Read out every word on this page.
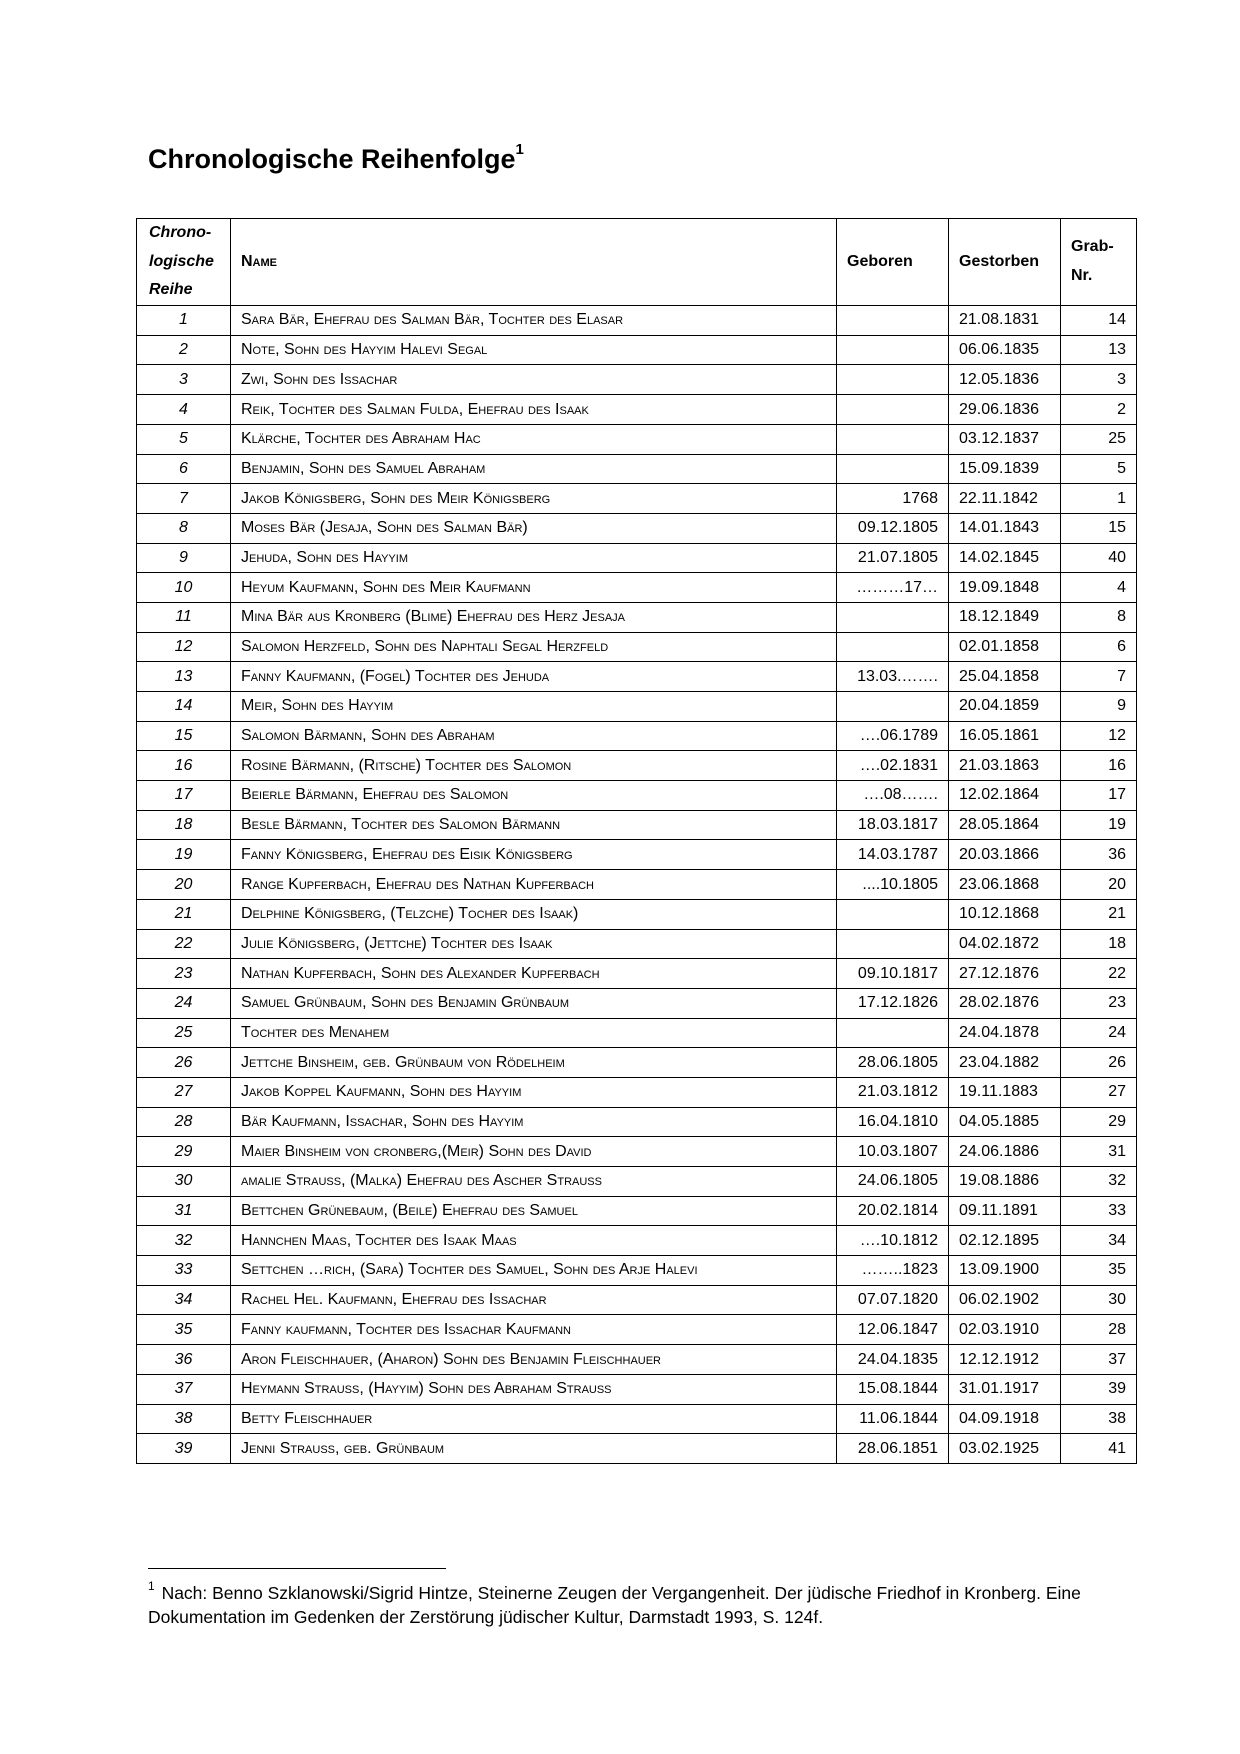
Chronologische Reihenfolge$^1$
Chrono-
logische
Reihe	Name	Geboren	Gestorben	Grab-
Nr.
1	Sara Bär, Ehefrau des Salman Bär, Tochter des Elasar		21.08.1831	14
2	Note, Sohn des Hayyim Halevi Segal		06.06.1835	13
3	Zwi, Sohn des Issachar		12.05.1836	3
4	Reik, Tochter des Salman Fulda, Ehefrau des Isaak		29.06.1836	2
5	Klärche, Tochter des Abraham Hac		03.12.1837	25
6	Benjamin, Sohn des Samuel Abraham		15.09.1839	5
7	Jakob Königsberg, Sohn des Meir Königsberg	1768	22.11.1842	1
8	Moses Bär (Jesaja, Sohn des Salman Bär)	09.12.1805	14.01.1843	15
9	Jehuda, Sohn des Hayyim	21.07.1805	14.02.1845	40
10	Heyum Kaufmann, Sohn des Meir Kaufmann	………17…	19.09.1848	4
11	Mina Bär aus Kronberg (Blime) Ehefrau des Herz Jesaja		18.12.1849	8
12	Salomon Herzfeld, Sohn des Naphtali Segal Herzfeld		02.01.1858	6
13	Fanny Kaufmann, (Fogel) Tochter des Jehuda	13.03.…….	25.04.1858	7
14	Meir, Sohn des Hayyim		20.04.1859	9
15	Salomon Bärmann, Sohn des Abraham	….06.1789	16.05.1861	12
16	Rosine Bärmann, (Ritsche) Tochter des Salomon	….02.1831	21.03.1863	16
17	Beierle Bärmann, Ehefrau des Salomon	….08…….	12.02.1864	17
18	Besle Bärmann, Tochter des Salomon Bärmann	18.03.1817	28.05.1864	19
19	Fanny Königsberg, Ehefrau des Eisik Königsberg	14.03.1787	20.03.1866	36
20	Range Kupferbach, Ehefrau des Nathan Kupferbach	....10.1805	23.06.1868	20
21	Delphine Königsberg, (Telzche) Tocher des Isaak)		10.12.1868	21
22	Julie Königsberg, (Jettche) Tochter des Isaak		04.02.1872	18
23	Nathan Kupferbach, Sohn des Alexander Kupferbach	09.10.1817	27.12.1876	22
24	Samuel Grünbaum, Sohn des Benjamin Grünbaum	17.12.1826	28.02.1876	23
25	Tochter des Menahem		24.04.1878	24
26	Jettche Binsheim, geb. Grünbaum von Rödelheim	28.06.1805	23.04.1882	26
27	Jakob Koppel Kaufmann, Sohn des Hayyim	21.03.1812	19.11.1883	27
28	Bär Kaufmann, Issachar, Sohn des Hayyim	16.04.1810	04.05.1885	29
29	Maier Binsheim von cronberg,(Meir) Sohn des David	10.03.1807	24.06.1886	31
30	amalie Strauss, (Malka) Ehefrau des Ascher Strauss	24.06.1805	19.08.1886	32
31	Bettchen Grünebaum, (Beile) Ehefrau des Samuel	20.02.1814	09.11.1891	33
32	Hannchen Maas, Tochter des Isaak Maas	….10.1812	02.12.1895	34
33	Settchen …rich, (Sara) Tochter des Samuel, Sohn des Arje Halevi	……..1823	13.09.1900	35
34	Rachel Hel. Kaufmann, Ehefrau des Issachar	07.07.1820	06.02.1902	30
35	Fanny kaufmann, Tochter des Issachar Kaufmann	12.06.1847	02.03.1910	28
36	Aron Fleischhauer, (Aharon) Sohn des Benjamin Fleischhauer	24.04.1835	12.12.1912	37
37	Heymann Strauss, (Hayyim) Sohn des Abraham Strauss	15.08.1844	31.01.1917	39
38	Betty Fleischhauer	11.06.1844	04.09.1918	38
39	Jenni Strauss, geb. Grünbaum	28.06.1851	03.02.1925	41
$^1$ Nach: Benno Szklanowski/Sigrid Hintze, Steinerne Zeugen der Vergangenheit. Der jüdische Friedhof in Kronberg. Eine Dokumentation im Gedenken der Zerstörung jüdischer Kultur, Darmstadt 1993, S. 124f.
